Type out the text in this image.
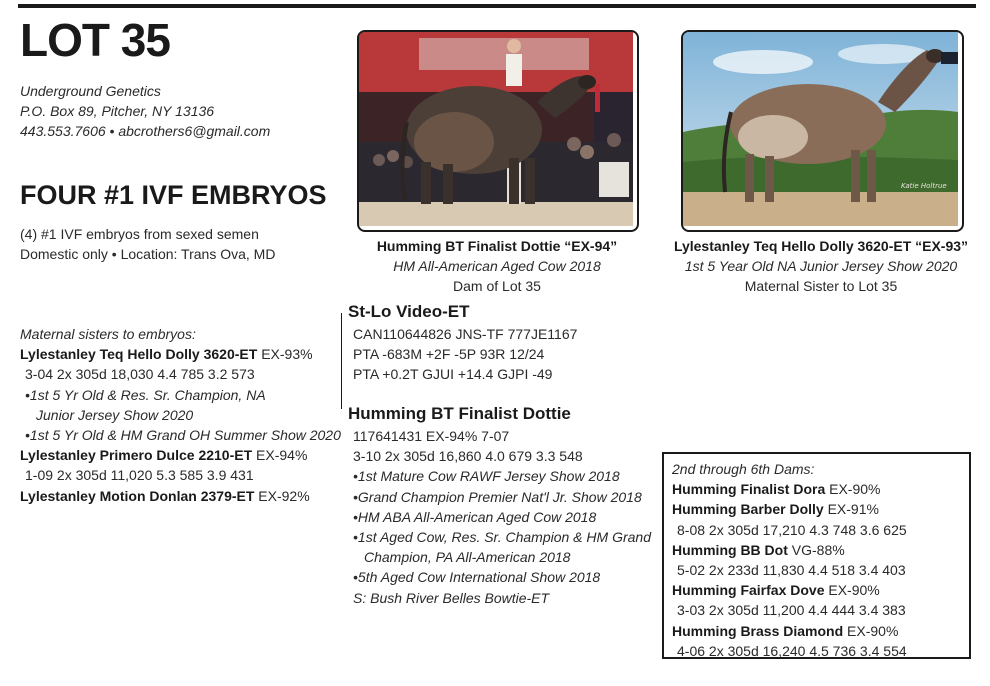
LOT 35
Underground Genetics
P.O. Box 89, Pitcher, NY 13136
443.553.7606 • abcrothers6@gmail.com
FOUR #1 IVF EMBRYOS
(4) #1 IVF embryos from sexed semen
Domestic only • Location: Trans Ova, MD	Humming BT Finalist Dottie “EX-94”
HM All-American Aged Cow 2018
Dam of Lot 35
Katie Holtrue
Lylestanley Teq Hello Dolly 3620-ET “EX-93”
1st 5 Year Old NA Junior Jersey Show 2020
Maternal Sister to Lot 35
Maternal sisters to embryos:
Lylestanley Teq Hello Dolly 3620-ET EX-93%
3-04 2x 305d 18,030 4.4 785 3.2 573
•1st 5 Yr Old & Res. Sr. Champion, NA
Junior Jersey Show 2020
•1st 5 Yr Old & HM Grand OH Summer Show 2020
Lylestanley Primero Dulce 2210-ET EX-94%
1-09 2x 305d 11,020 5.3 585 3.9 431
Lylestanley Motion Donlan 2379-ET EX-92%
St-Lo Video-ET
CAN110644826 JNS-TF 777JE1167
PTA -683M +2F -5P 93R 12/24
PTA +0.2T GJUI +14.4 GJPI -49
Humming BT Finalist Dottie
117641431 EX-94% 7-07
3-10 2x 305d 16,860 4.0 679 3.3 548
•1st Mature Cow RAWF Jersey Show 2018
•Grand Champion Premier Nat'l Jr. Show 2018
•HM ABA All-American Aged Cow 2018
•1st Aged Cow, Res. Sr. Champion & HM Grand
Champion, PA All-American 2018
•5th Aged Cow International Show 2018
S: Bush River Belles Bowtie-ET
2nd through 6th Dams:
Humming Finalist Dora EX-90%
Humming Barber Dolly EX-91%
8-08 2x 305d 17,210 4.3 748 3.6 625
Humming BB Dot VG-88%
5-02 2x 233d 11,830 4.4 518 3.4 403
Humming Fairfax Dove EX-90%
3-03 2x 305d 11,200 4.4 444 3.4 383
Humming Brass Diamond EX-90%
4-06 2x 305d 16,240 4.5 736 3.4 554
